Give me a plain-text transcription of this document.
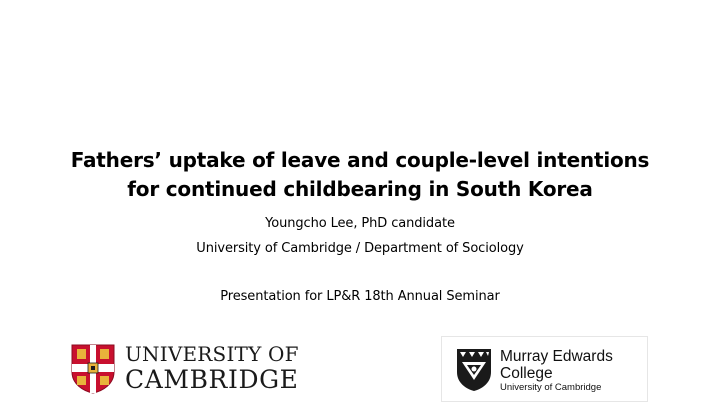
Fathers’ uptake of leave and couple-level intentions
for continued childbearing in South Korea
Youngcho Lee, PhD candidate
University of Cambridge / Department of Sociology
Presentation for LP&R 18th Annual Seminar
UNIVERSITY OF
CAMBRIDGE
Murray Edwards
College
University of Cambridge
